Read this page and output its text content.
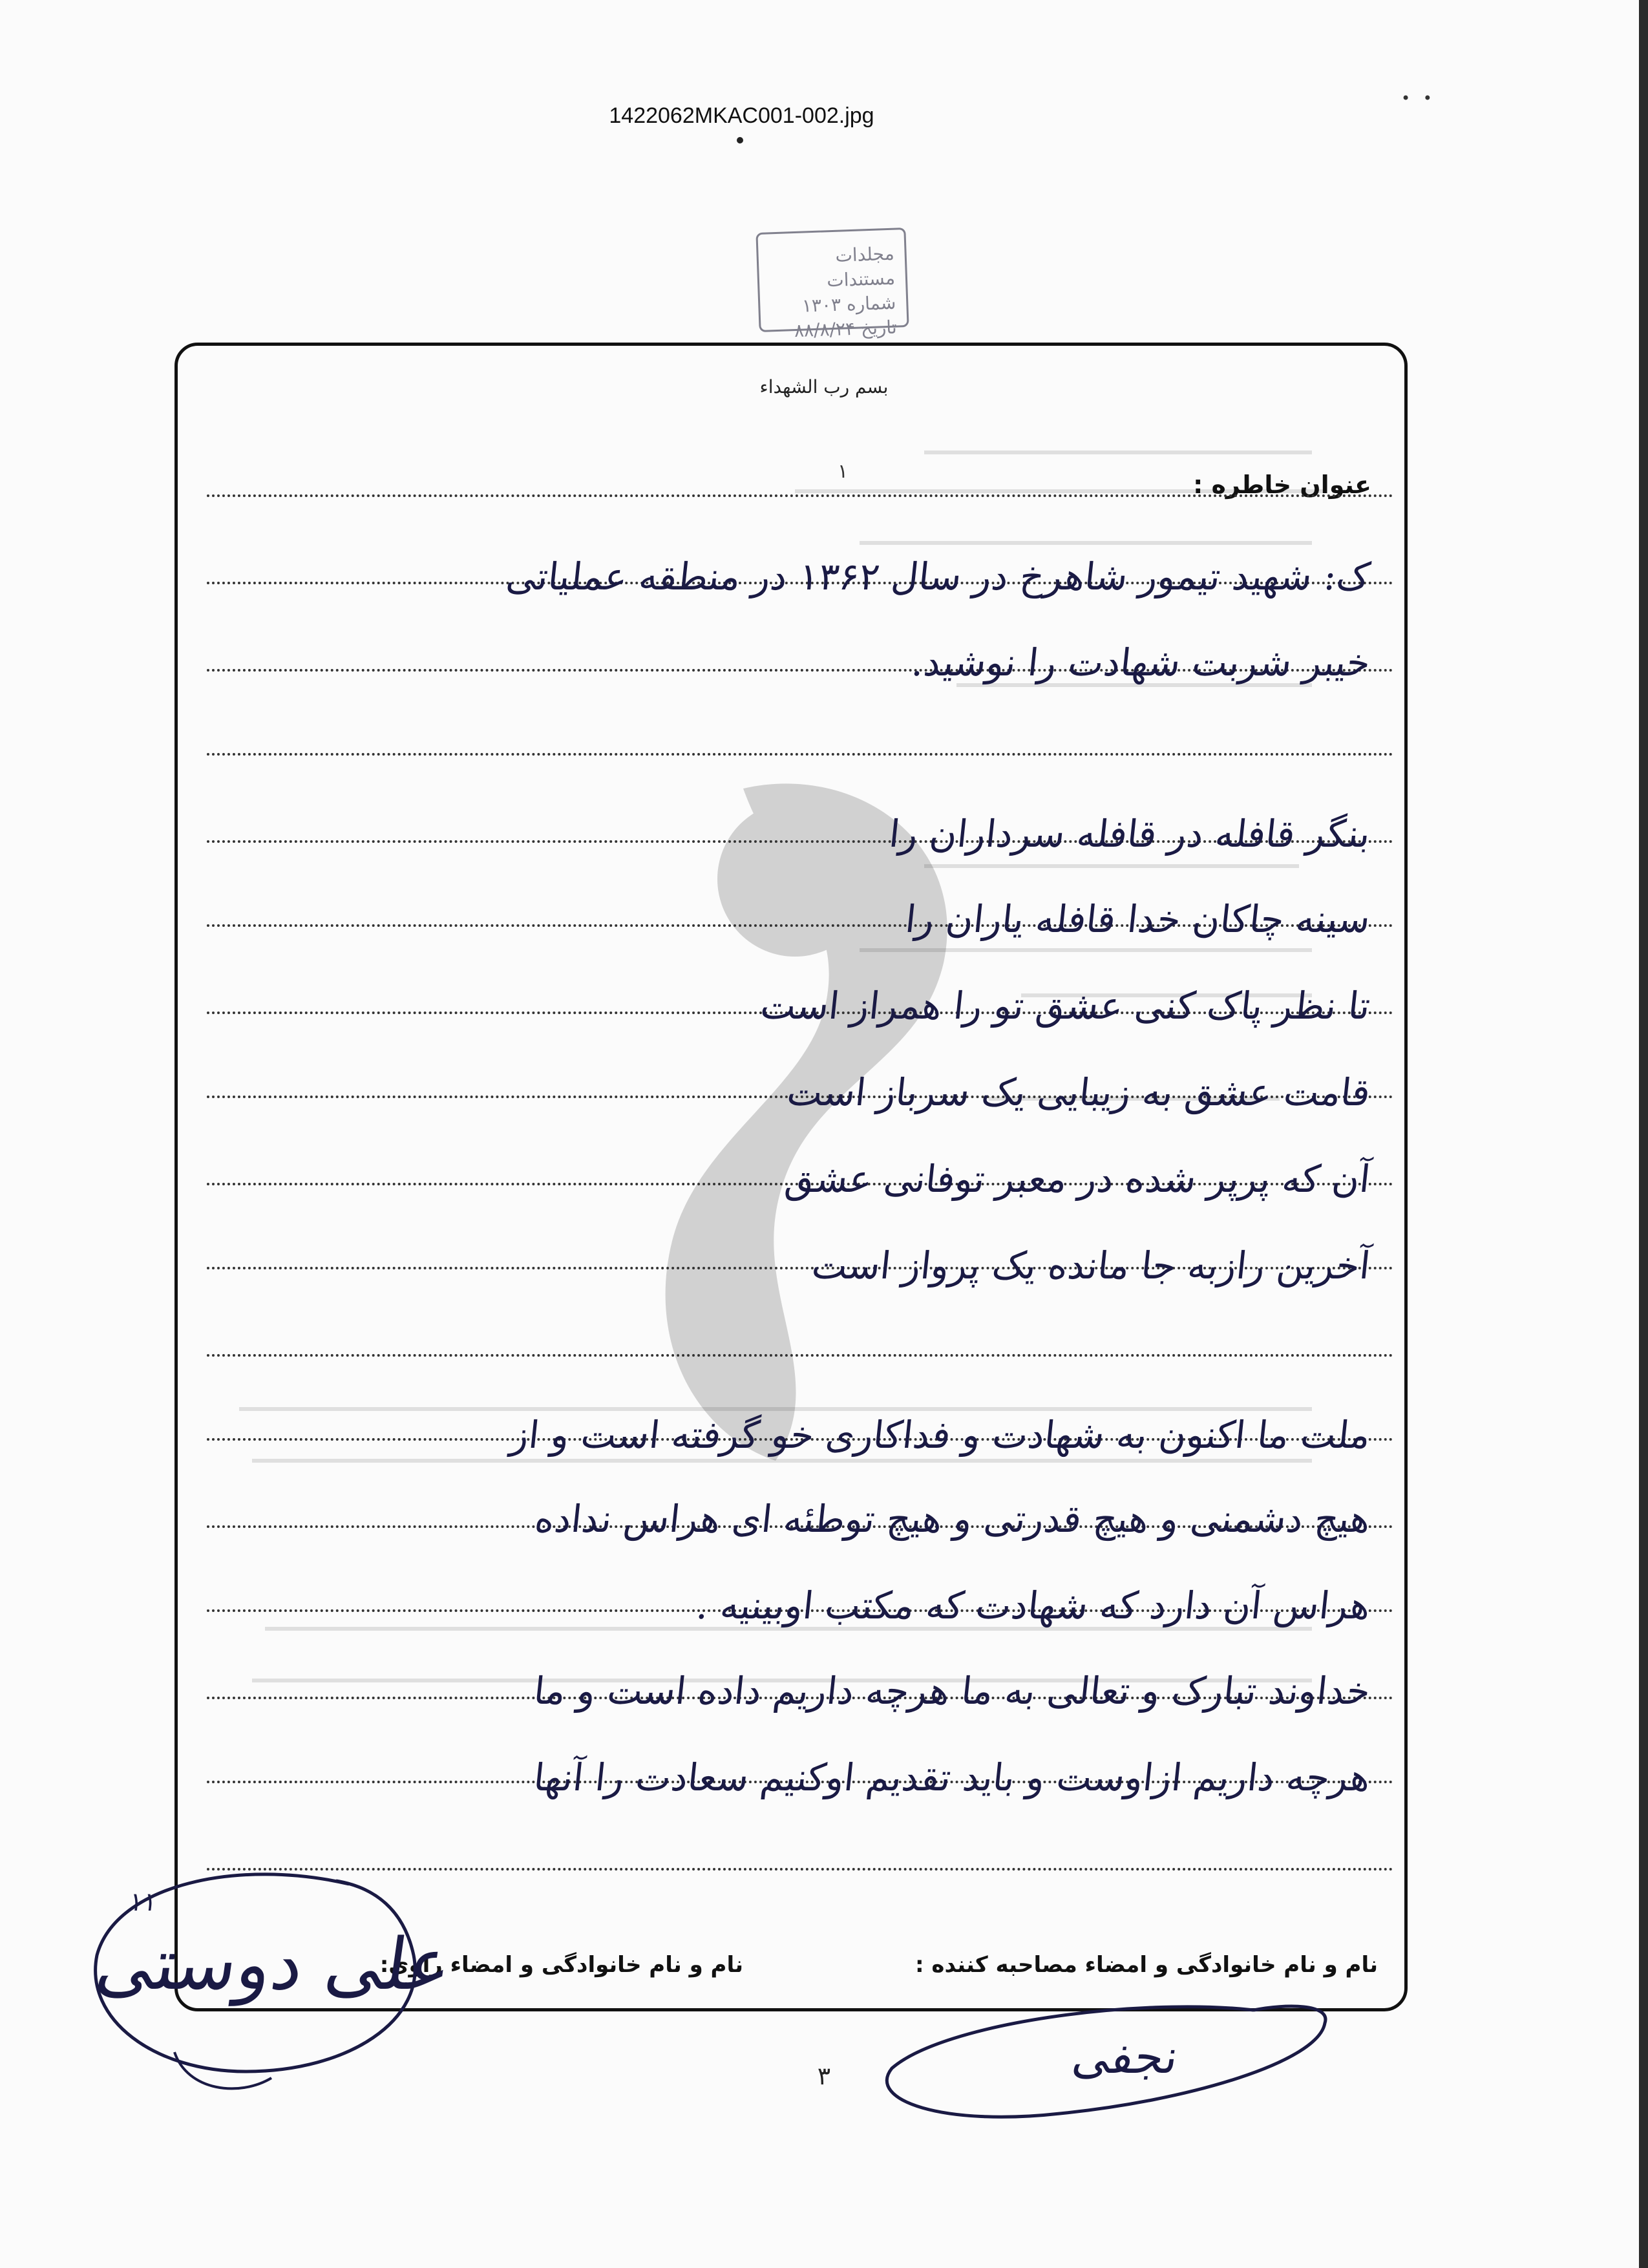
• •
1422062MKAC001-002.jpg
مجلدات مستندات
شماره ۱۳۰۳
تاریخ ۸۸/۸/۲۴
بسم رب الشهداء
۱	عنوان خاطره :
ک: شهید تیمور شاهرخ در سال ۱۳۶۲ در منطقه عملیاتی
خیبر شربت شهادت را نوشید.
بنگر قافله در قافله سرداران را
سینه چاکان خدا قافله یاران را
تا نظر پاک کنی عشق تو را همراز است
قامت عشق به زیبایی یک سرباز است
آن که پرپر شده در معبر توفانی عشق
آخرین رازبه جا مانده یک پرواز است
ملت ما اکنون به شهادت و فداکاری خو گرفته است و از
هیچ دشمنی و هیچ قدرتی و هیچ توطئه ای هراس نداده
هراس آن دارد که شهادت که مکتب اوبینیه .
خداوند تبارک و تعالی به ما هرچه داریم داده است و ما
هرچه داریم ازاوست و باید تقدیم اوکنیم سعادت را آنها
نام و نام خانوادگی و امضاء مصاحبه کننده :
نام و نام خانوادگی و امضاء راوی:
علی دوستی
۱۱
نجفی
۳
